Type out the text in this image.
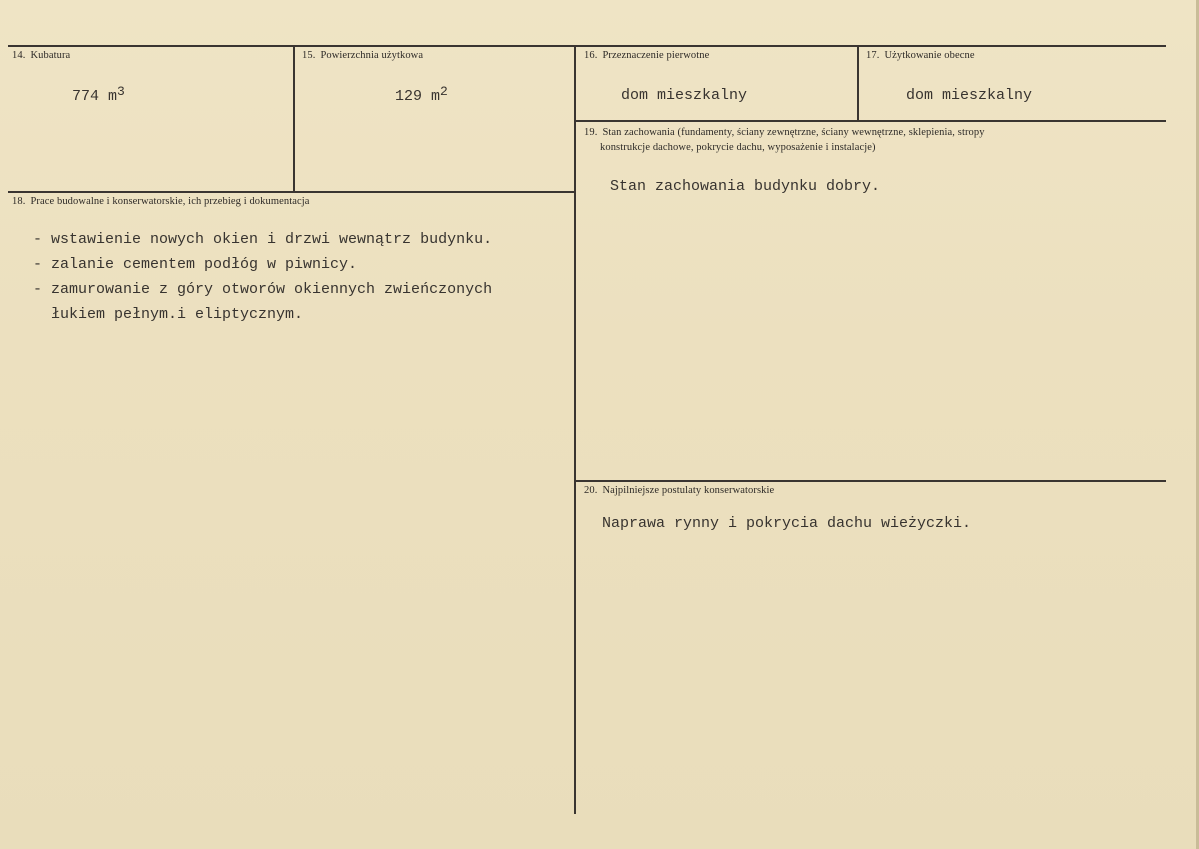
14. Kubatura
774 $m^3$
15. Powierzchnia użytkowa
129 $m^2$
16. Przeznaczenie pierwotne
dom mieszkalny
17. Użytkowanie obecne
dom mieszkalny
19. Stan zachowania (fundamenty, ściany zewnętrzne, ściany wewnętrzne, sklepienia, stropy
konstrukcje dachowe, pokrycie dachu, wyposażenie i instalacje)
Stan zachowania budynku dobry.
18. Prace budowalne i konserwatorskie, ich przebieg i dokumentacja
- wstawienie nowych okien i drzwi wewnątrz budynku.
- zalanie cementem podłóg w piwnicy.
- zamurowanie z góry otworów okiennych zwieńczonych
łukiem pełnym.i eliptycznym.
20. Najpilniejsze postulaty konserwatorskie
Naprawa rynny i pokrycia dachu wieżyczki.
